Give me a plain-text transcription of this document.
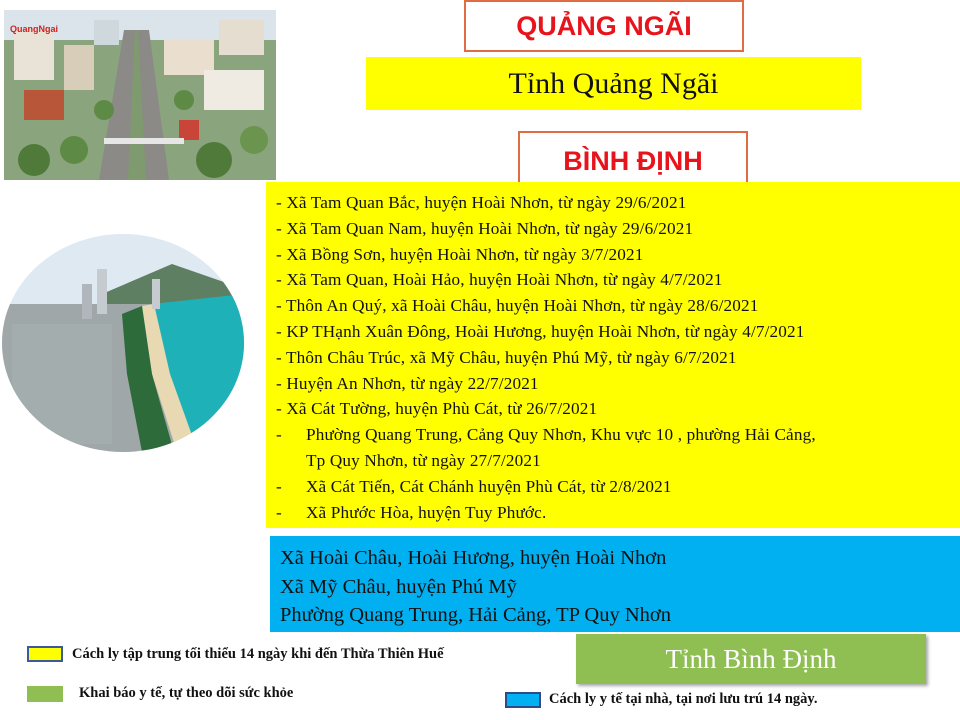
QuangNgai	QUẢNG NGÃI
Tỉnh Quảng Ngãi
BÌNH ĐỊNH
- Xã Tam Quan Bắc, huyện Hoài Nhơn, từ ngày 29/6/2021
- Xã Tam Quan Nam, huyện Hoài Nhơn, từ ngày 29/6/2021
- Xã Bồng Sơn, huyện Hoài Nhơn, từ ngày 3/7/2021
- Xã Tam Quan, Hoài Hảo, huyện Hoài Nhơn, từ ngày 4/7/2021
- Thôn An Quý, xã Hoài Châu, huyện Hoài Nhơn, từ ngày 28/6/2021
- KP THạnh Xuân Đông, Hoài Hương, huyện Hoài Nhơn, từ ngày 4/7/2021
- Thôn Châu Trúc, xã Mỹ Châu, huyện Phú Mỹ, từ ngày 6/7/2021
- Huyện An Nhơn, từ ngày 22/7/2021
- Xã Cát Tường, huyện Phù Cát, từ 26/7/2021
- Phường Quang Trung, Cảng Quy Nhơn, Khu vực 10 , phường Hải Cảng,
Tp Quy Nhơn, từ ngày 27/7/2021
- Xã Cát Tiến, Cát Chánh huyện Phù Cát, từ 2/8/2021
- Xã Phước Hòa, huyện Tuy Phước.
Xã Hoài Châu, Hoài Hương, huyện Hoài Nhơn
Xã Mỹ Châu, huyện Phú Mỹ
Phường Quang Trung, Hải Cảng, TP Quy Nhơn
Tỉnh Bình Định
Cách ly tập trung tối thiểu 14 ngày khi đến Thừa Thiên Huế
Khai báo y tế, tự theo dõi sức khỏe	Cách ly y tế tại nhà, tại nơi lưu trú 14 ngày.
